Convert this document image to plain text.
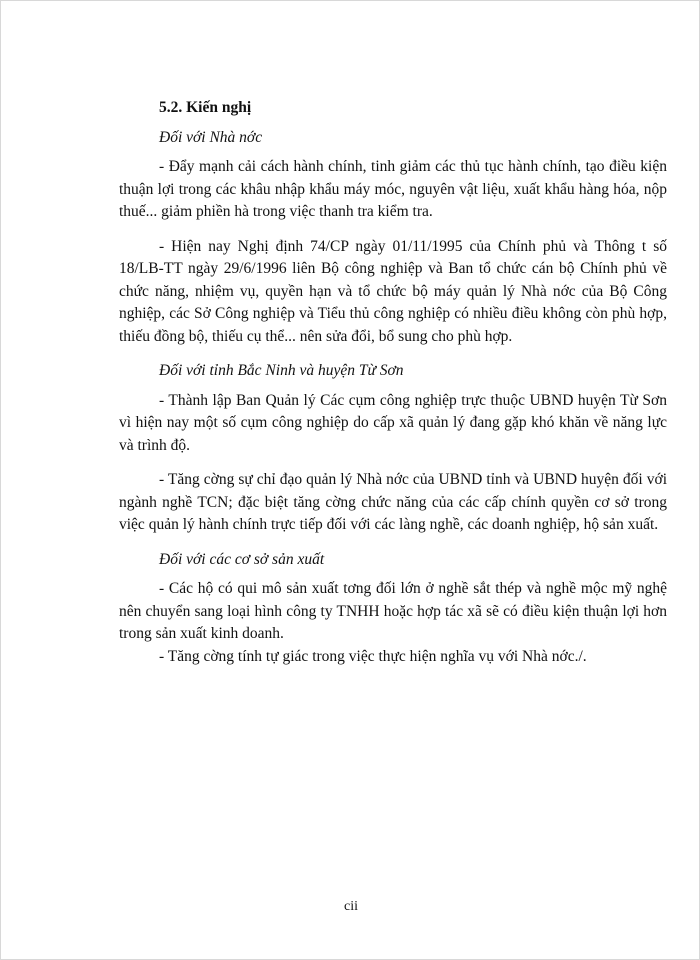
5.2. Kiến nghị
Đối với Nhà nớc

- Đẩy mạnh cải cách hành chính, tinh giảm các thủ tục hành chính, tạo điều kiện thuận lợi trong các khâu nhập khẩu máy móc, nguyên vật liệu, xuất khẩu hàng hóa, nộp thuế... giảm phiền hà trong việc thanh tra kiểm tra.

- Hiện nay Nghị định 74/CP ngày 01/11/1995 của Chính phủ và Thông t số 18/LB-TT ngày 29/6/1996 liên Bộ công nghiệp và Ban tổ chức cán bộ Chính phủ về chức năng, nhiệm vụ, quyền hạn và tổ chức bộ máy quản lý Nhà nớc của Bộ Công nghiệp, các Sở Công nghiệp và Tiểu thủ công nghiệp có nhiều điều không còn phù hợp, thiếu đồng bộ, thiếu cụ thể... nên sửa đổi, bổ sung cho phù hợp.

Đối với tỉnh Bắc Ninh và huyện Từ Sơn

- Thành lập Ban Quản lý Các cụm công nghiệp trực thuộc UBND huyện Từ Sơn vì hiện nay một số cụm công nghiệp do cấp xã quản lý đang gặp khó khăn về năng lực và trình độ.

- Tăng cờng sự chỉ đạo quản lý Nhà nớc của UBND tỉnh và UBND huyện đối với ngành nghề TCN; đặc biệt tăng cờng chức năng của các cấp chính quyền cơ sở trong việc quản lý hành chính trực tiếp đối với các làng nghề, các doanh nghiệp, hộ sản xuất.

Đối với các cơ sở sản xuất

- Các hộ có qui mô sản xuất tơng đối lớn ở nghề sắt thép và nghề mộc mỹ nghệ nên chuyển sang loại hình công ty TNHH hoặc hợp tác xã sẽ có điều kiện thuận lợi hơn trong sản xuất kinh doanh.

- Tăng cờng tính tự giác trong việc thực hiện nghĩa vụ với Nhà nớc./.

cii
